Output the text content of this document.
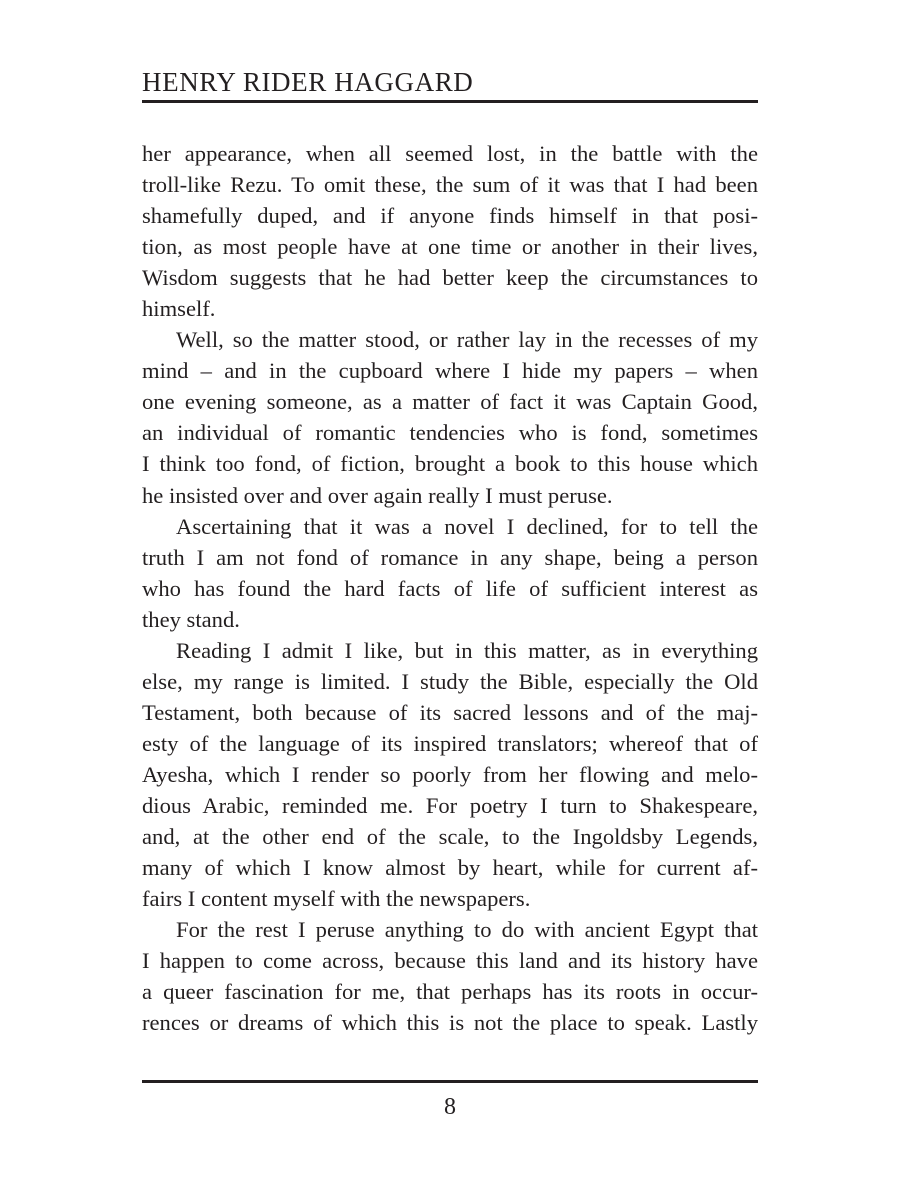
HENRY RIDER HAGGARD
her appearance, when all seemed lost, in the battle with the
troll-like Rezu. To omit these, the sum of it was that I had been
shamefully duped, and if anyone finds himself in that posi-
tion, as most people have at one time or another in their lives,
Wisdom suggests that he had better keep the circumstances to
himself.
Well, so the matter stood, or rather lay in the recesses of my
mind – and in the cupboard where I hide my papers – when
one evening someone, as a matter of fact it was Captain Good,
an individual of romantic tendencies who is fond, sometimes
I think too fond, of fiction, brought a book to this house which
he insisted over and over again really I must peruse.
Ascertaining that it was a novel I declined, for to tell the
truth I am not fond of romance in any shape, being a person
who has found the hard facts of life of sufficient interest as
they stand.
Reading I admit I like, but in this matter, as in everything
else, my range is limited. I study the Bible, especially the Old
Testament, both because of its sacred lessons and of the maj-
esty of the language of its inspired translators; whereof that of
Ayesha, which I render so poorly from her flowing and melo-
dious Arabic, reminded me. For poetry I turn to Shakespeare,
and, at the other end of the scale, to the Ingoldsby Legends,
many of which I know almost by heart, while for current af-
fairs I content myself with the newspapers.
For the rest I peruse anything to do with ancient Egypt that
I happen to come across, because this land and its history have
a queer fascination for me, that perhaps has its roots in occur-
rences or dreams of which this is not the place to speak. Lastly
8
